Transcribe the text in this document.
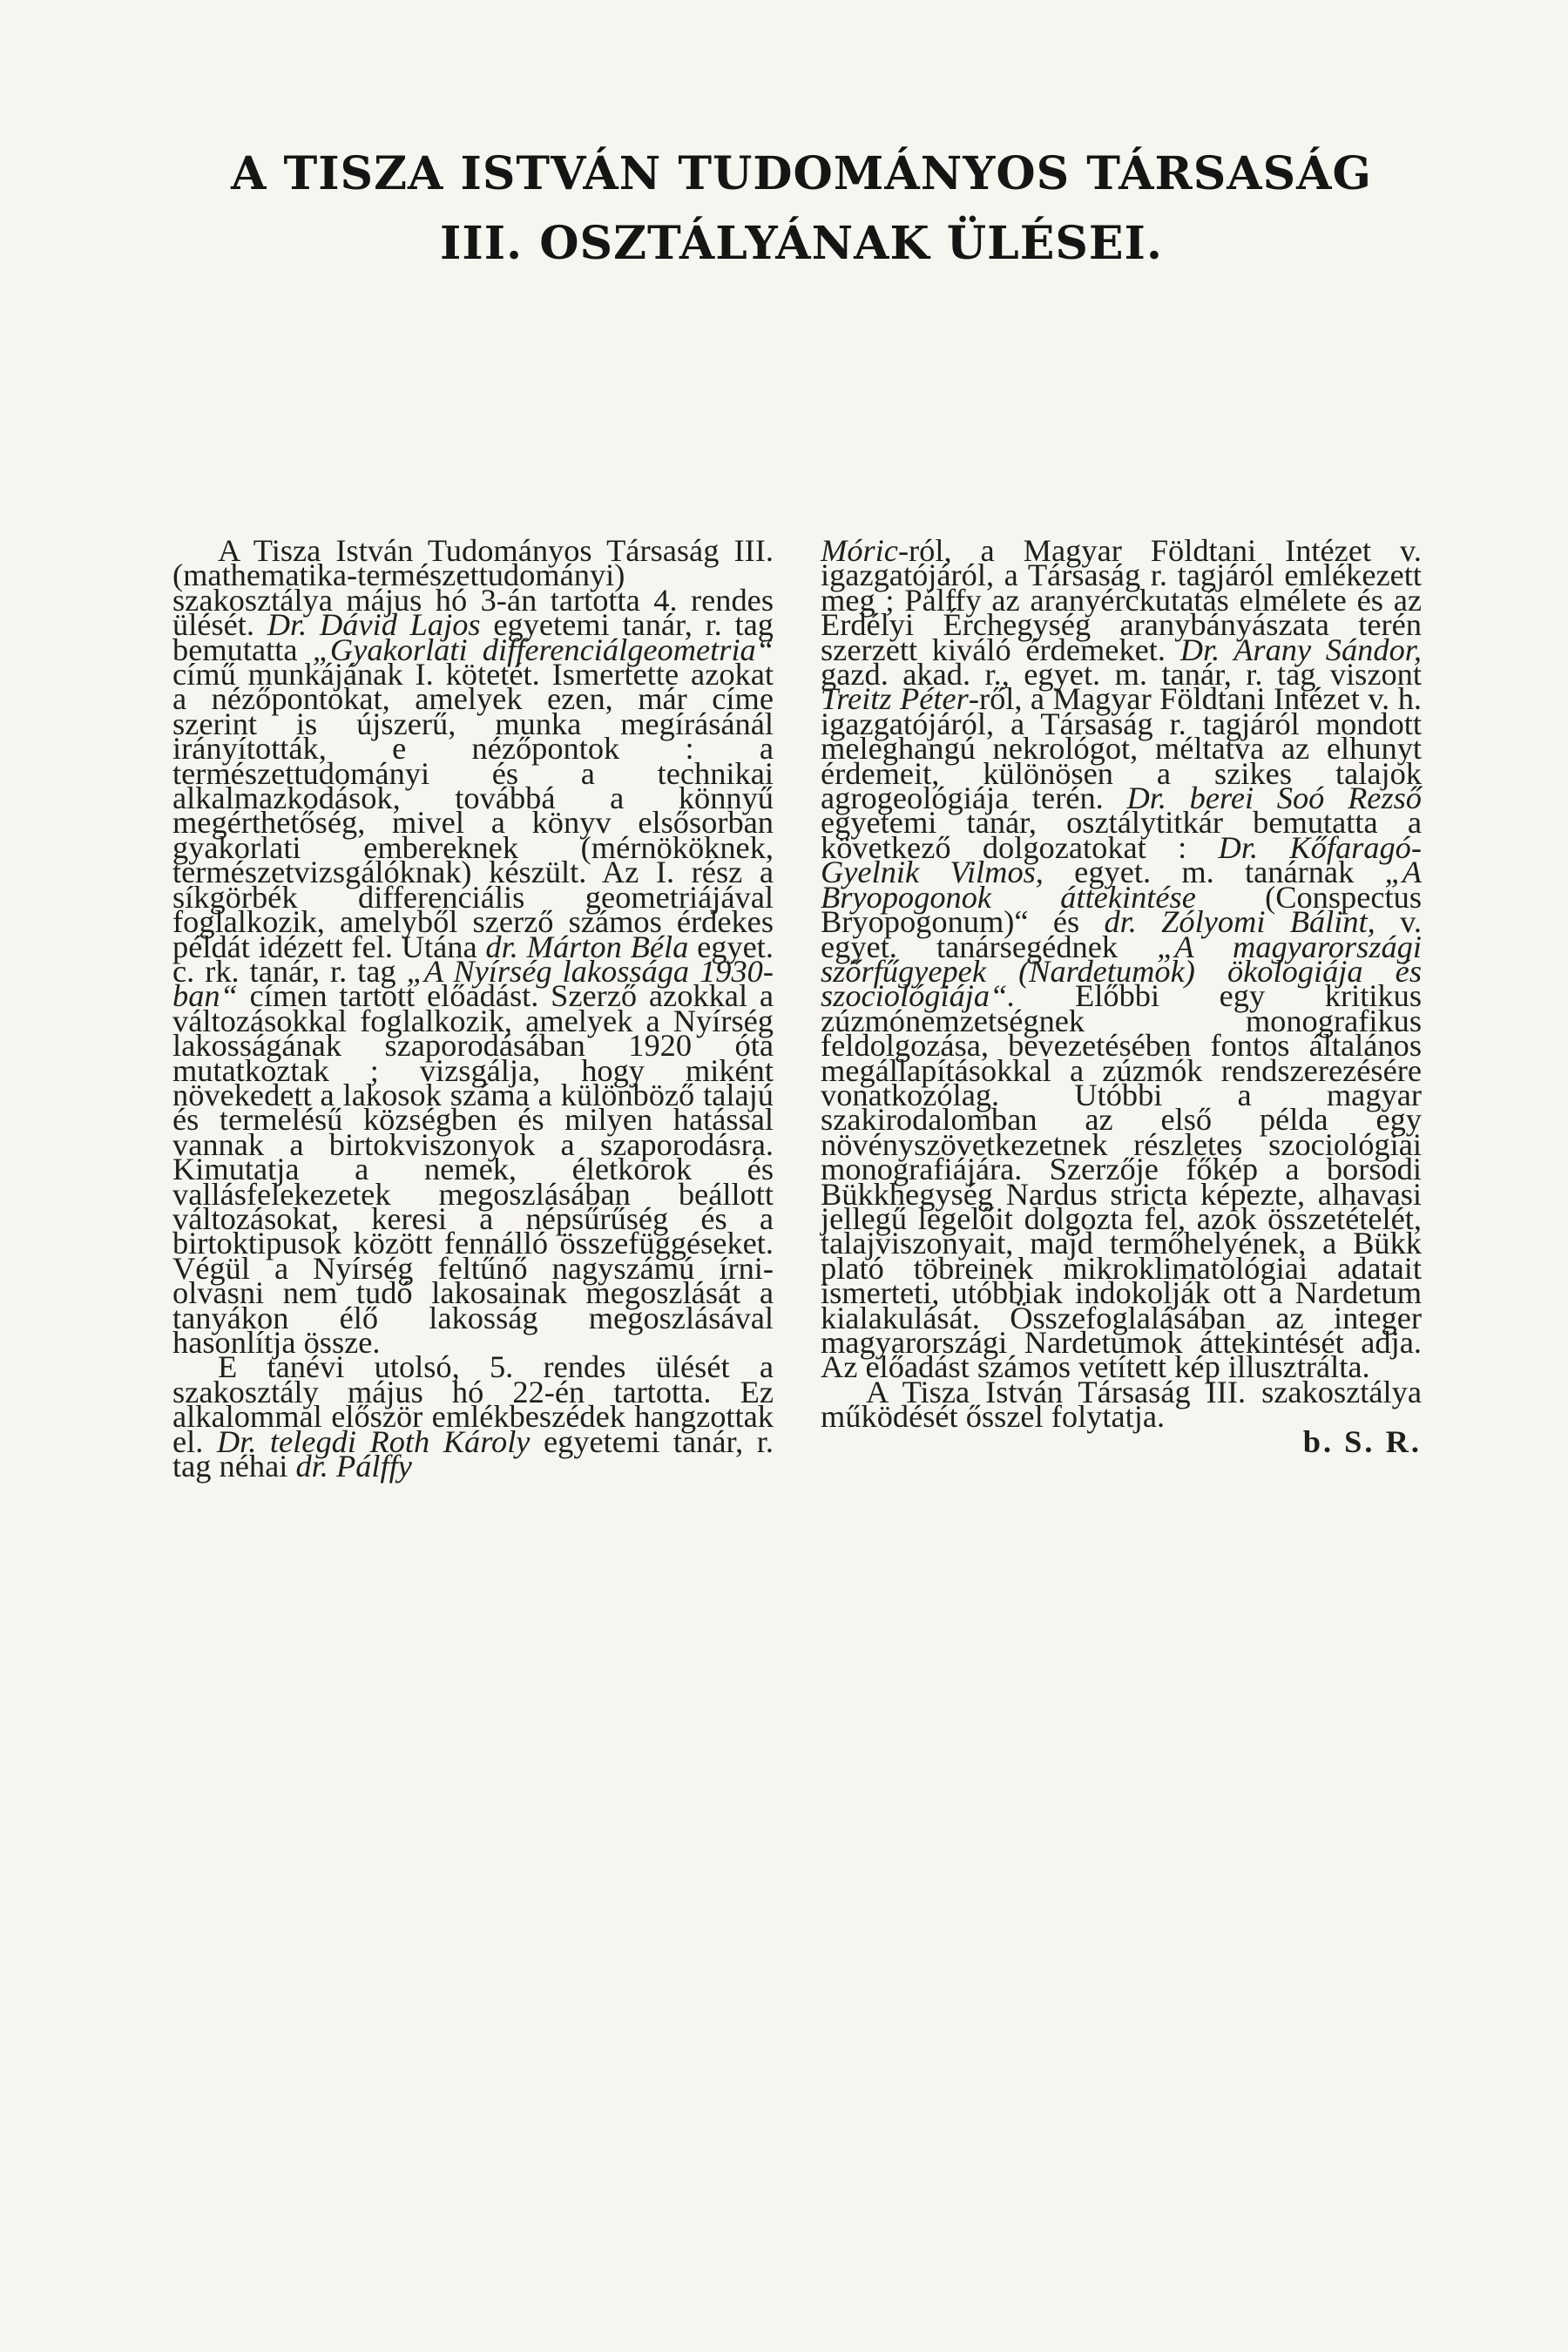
A TISZA ISTVÁN TUDOMÁNYOS TÁRSASÁG
III. OSZTÁLYÁNAK ÜLÉSEI.

A Tisza István Tudományos Társaság III. (mathematika-természettudományi) szakosztálya május hó 3-án tartotta 4. rendes ülését. Dr. Dávid Lajos egyetemi tanár, r. tag bemutatta „Gyakorlati differenciálgeometria“ című munkájának I. kötetét. Ismertette azokat a nézőpontokat, amelyek ezen, már címe szerint is újszerű, munka megírásánál irányították, e nézőpontok : a természettudományi és a technikai alkalmazkodások, továbbá a könnyű megérthetőség, mivel a könyv elsősorban gyakorlati embereknek (mérnököknek, természetvizsgálóknak) készült. Az I. rész a síkgörbék differenciális geometriájával foglalkozik, amelyből szerző számos érdekes példát idézett fel. Utána dr. Márton Béla egyet. c. rk. tanár, r. tag „A Nyírség lakossága 1930-ban“ címen tartott előadást. Szerző azokkal a változásokkal foglalkozik, amelyek a Nyírség lakosságának szaporodásában 1920 óta mutatkoztak ; vizsgálja, hogy miként növekedett a lakosok száma a különböző talajú és termelésű községben és milyen hatással vannak a birtokviszonyok a szaporodásra. Kimutatja a nemek, életkorok és vallásfelekezetek megoszlásában beállott változásokat, keresi a népsűrűség és a birtoktipusok között fennálló összefüggéseket. Végül a Nyírség feltűnő nagyszámú írni-olvasni nem tudó lakosainak megoszlását a tanyákon élő lakosság megoszlásával hasonlítja össze.

E tanévi utolsó, 5. rendes ülését a szakosztály május hó 22-én tartotta. Ez alkalommal először emlékbeszédek hangzottak el. Dr. telegdi Roth Károly egyetemi tanár, r. tag néhai dr. Pálffy

Móric-ról, a Magyar Földtani Intézet v. igazgatójáról, a Társaság r. tagjáról emlékezett meg ; Pálffy az aranyérckutatás elmélete és az Erdélyi Érchegység aranybányászata terén szerzett kiváló érdemeket. Dr. Arany Sándor, gazd. akad. r., egyet. m. tanár, r. tag viszont Treitz Péter-ről, a Magyar Földtani Intézet v. h. igazgatójáról, a Társaság r. tagjáról mondott meleghangú nekrológot, méltatva az elhunyt érdemeit, különösen a szikes talajok agrogeológiája terén. Dr. berei Soó Rezső egyetemi tanár, osztálytitkár bemutatta a következő dolgozatokat : Dr. Kőfaragó-Gyelnik Vilmos, egyet. m. tanárnak „A Bryopogonok áttekintése (Conspectus Bryopogonum)“ és dr. Zólyomi Bálint, v. egyet. tanársegédnek „A magyarországi szőrfűgyepek (Nardetumok) ökologiája és szociológiája“. Előbbi egy kritikus zúzmónemzetségnek monografikus feldolgozása, bevezetésében fontos általános megállapításokkal a zúzmók rendszerezésére vonatkozólag. Utóbbi a magyar szakirodalomban az első példa egy növényszövetkezetnek részletes szociológiai monografiájára. Szerzője főkép a borsodi Bükkhegység Nardus stricta képezte, alhavasi jellegű legelőit dolgozta fel, azok összetételét, talajviszonyait, majd termőhelyének, a Bükk plató töbreinek mikroklimatológiai adatait ismerteti, utóbbiak indokolják ott a Nardetum kialakulását. Összefoglalásában az integer magyarországi Nardetumok áttekintését adja. Az előadást számos vetített kép illusztrálta.

A Tisza István Társaság III. szakosztálya működését ősszel folytatja.

b. S. R.
